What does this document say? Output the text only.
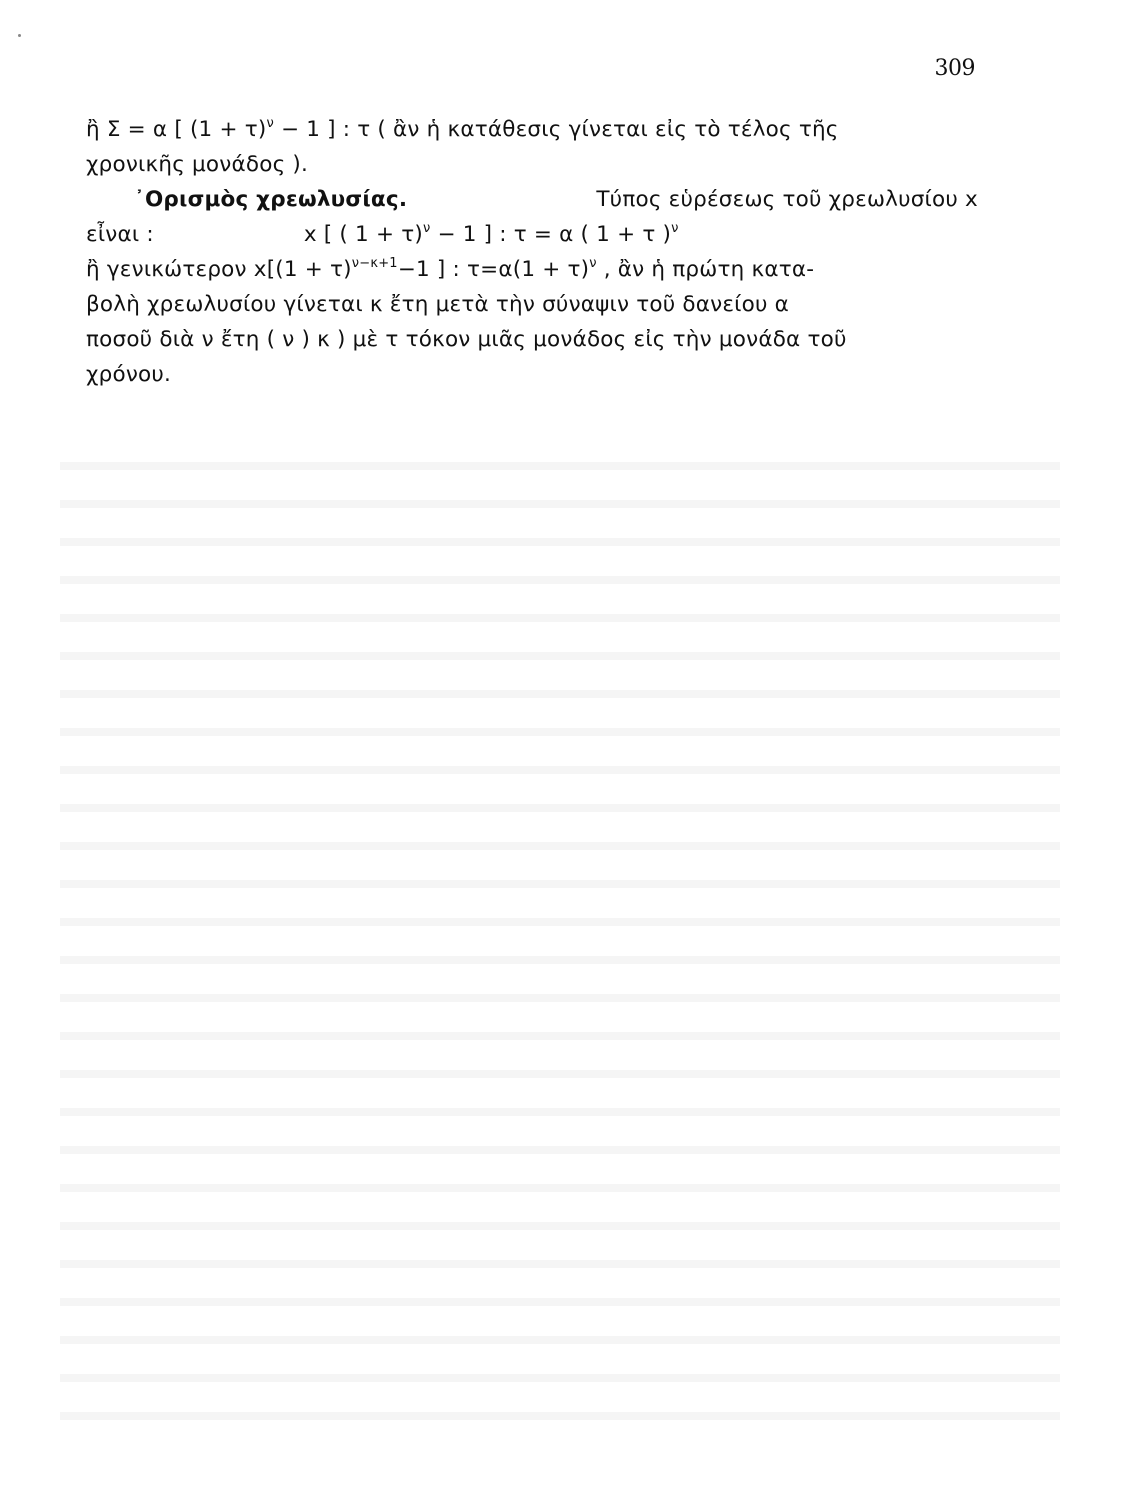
309
ἢ Σ = α [ $(1 + \tau)^\nu - 1$ ] : τ ( ἂν ἡ κατάθεσις γίνεται εἰς τὸ τέλος τῆς
χρονικῆς μονάδος ).
᾿Ορισμὸς χρεωλυσίας.	Τύπος εὑρέσεως τοῦ χρεωλυσίου x
εἶναι :	x [ ( 1 + τ)$^\nu$ − 1 ] : τ = α ( 1 + τ )$^\nu$
ἢ γενικώτερον $x[(1 + \tau)^{\nu-\kappa+1}-1$ ] : $\tau=\alpha(1 + \tau)^\nu$ , ἂν ἡ πρώτη κατα-
βολὴ χρεωλυσίου γίνεται κ ἔτη μετὰ τὴν σύναψιν τοῦ δανείου α
ποσοῦ διὰ ν ἔτη ( ν ) κ ) μὲ τ τόκον μιᾶς μονάδος εἰς τὴν μονάδα τοῦ
χρόνου.
